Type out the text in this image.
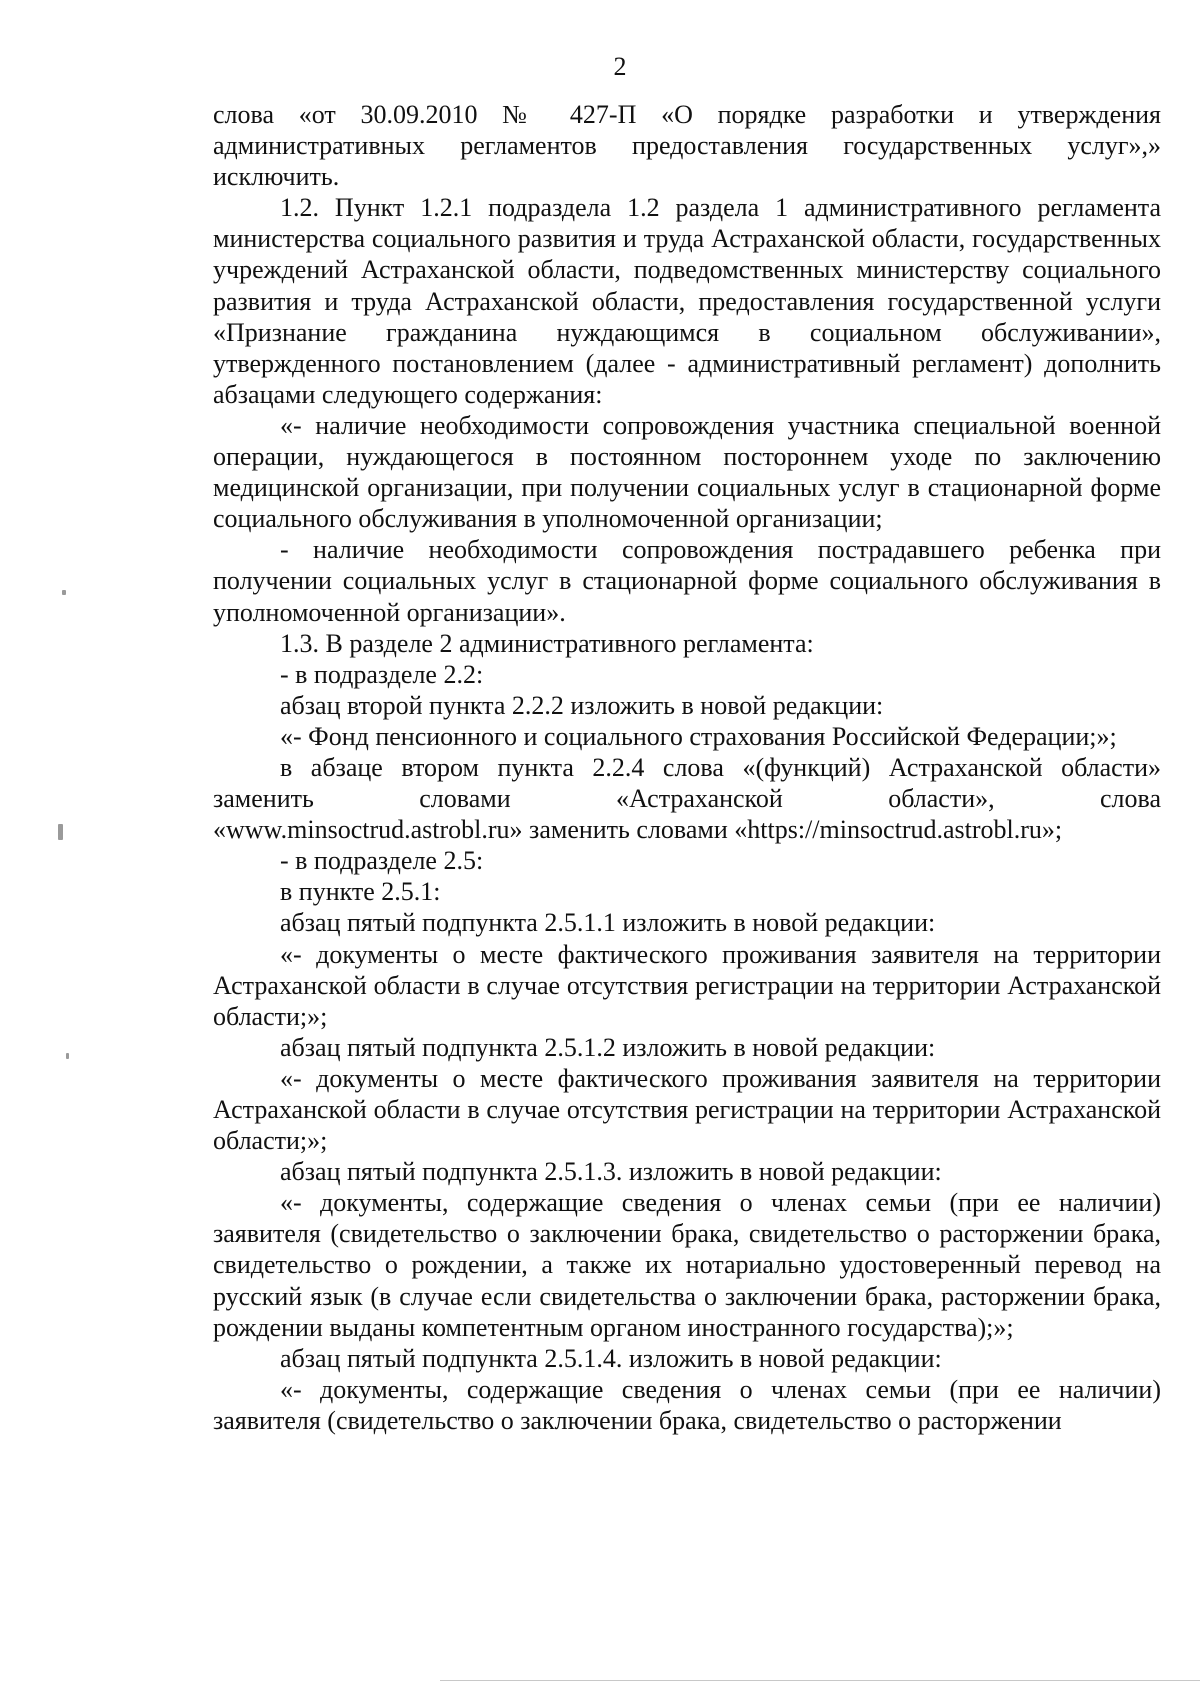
2

слова «от 30.09.2010 № 427-П «О порядке разработки и утверждения административных регламентов предоставления государственных услуг»,» исключить.

1.2. Пункт 1.2.1 подраздела 1.2 раздела 1 административного регламента министерства социального развития и труда Астраханской области, государственных учреждений Астраханской области, подведомственных министерству социального развития и труда Астраханской области, предоставления государственной услуги «Признание гражданина нуждающимся в социальном обслуживании», утвержденного постановлением (далее - административный регламент) дополнить абзацами следующего содержания:

«- наличие необходимости сопровождения участника специальной военной операции, нуждающегося в постоянном постороннем уходе по заключению медицинской организации, при получении социальных услуг в стационарной форме социального обслуживания в уполномоченной организации;

- наличие необходимости сопровождения пострадавшего ребенка при получении социальных услуг в стационарной форме социального обслуживания в уполномоченной организации».

1.3. В разделе 2 административного регламента:

- в подразделе 2.2:

абзац второй пункта 2.2.2 изложить в новой редакции:

«- Фонд пенсионного и социального страхования Российской Федерации;»;

в абзаце втором пункта 2.2.4 слова «(функций) Астраханской области» заменить словами «Астраханской области», слова

«www.minsoctrud.astrobl.ru» заменить словами «https://minsoctrud.astrobl.ru»;

- в подразделе 2.5:

в пункте 2.5.1:

абзац пятый подпункта 2.5.1.1 изложить в новой редакции:

«- документы о месте фактического проживания заявителя на территории Астраханской области в случае отсутствия регистрации на территории Астраханской области;»;

абзац пятый подпункта 2.5.1.2 изложить в новой редакции:

«- документы о месте фактического проживания заявителя на территории Астраханской области в случае отсутствия регистрации на территории Астраханской области;»;

абзац пятый подпункта 2.5.1.3. изложить в новой редакции:

«- документы, содержащие сведения о членах семьи (при ее наличии) заявителя (свидетельство о заключении брака, свидетельство о расторжении брака, свидетельство о рождении, а также их нотариально удостоверенный перевод на русский язык (в случае если свидетельства о заключении брака, расторжении брака, рождении выданы компетентным органом иностранного государства);»;

абзац пятый подпункта 2.5.1.4. изложить в новой редакции:

«- документы, содержащие сведения о членах семьи (при ее наличии) заявителя (свидетельство о заключении брака, свидетельство о расторжении
